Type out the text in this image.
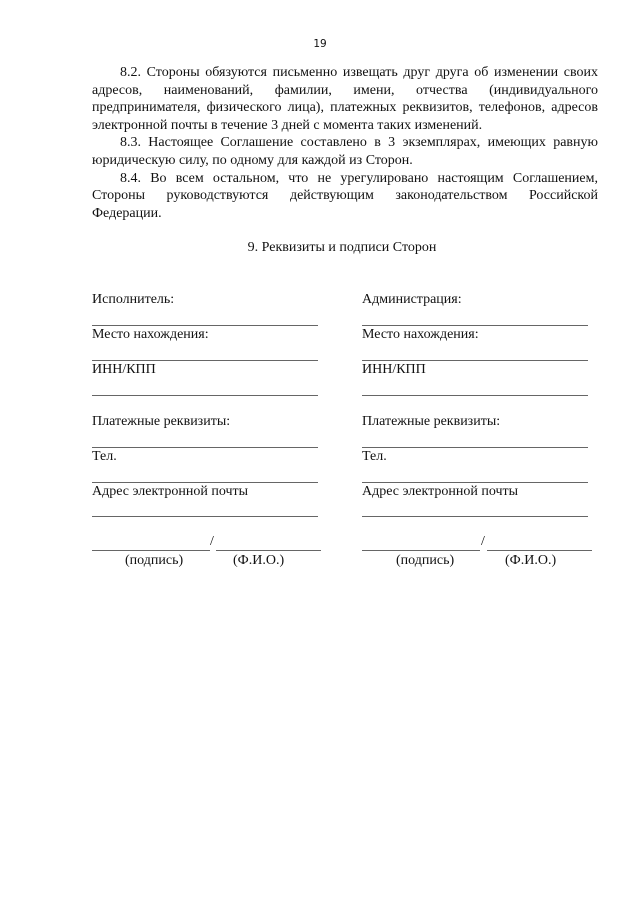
19

8.2. Стороны обязуются письменно извещать друг друга об изменении своих адресов, наименований, фамилии, имени, отчества (индивидуального предпринимателя, физического лица), платежных реквизитов, телефонов, адресов электронной почты в течение 3 дней с момента таких изменений.

8.3. Настоящее Соглашение составлено в 3 экземплярах, имеющих равную юридическую силу, по одному для каждой из Сторон.

8.4. Во всем остальном, что не урегулировано настоящим Соглашением, Стороны руководствуются действующим законодательством Российской Федерации.

9. Реквизиты и подписи Сторон
Исполнитель:
Место нахождения:
ИНН/КПП
Платежные реквизиты:
Тел.
Адрес электронной почты
/
(подпись)	(Ф.И.О.)
Администрация:
Место нахождения:
ИНН/КПП
Платежные реквизиты:
Тел.
Адрес электронной почты
/
(подпись)	(Ф.И.О.)
